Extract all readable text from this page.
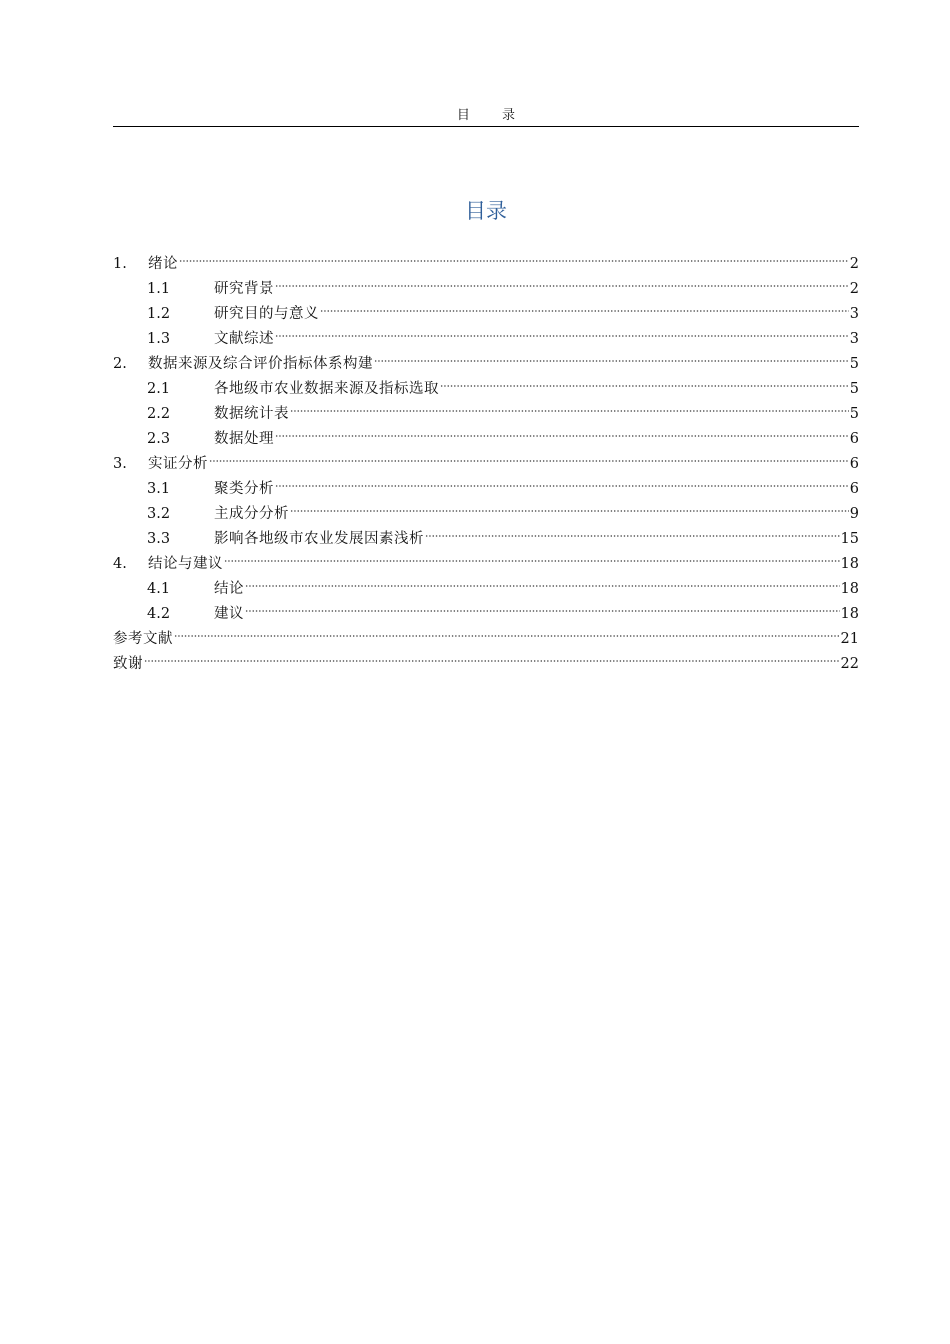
目 录
目录
1.	绪论	2
1.1	研究背景	2
1.2	研究目的与意义	3
1.3	文献综述	3
2.	数据来源及综合评价指标体系构建	5
2.1	各地级市农业数据来源及指标选取	5
2.2	数据统计表	5
2.3	数据处理	6
3.	实证分析	6
3.1	聚类分析	6
3.2	主成分分析	9
3.3	影响各地级市农业发展因素浅析	15
4.	结论与建议	18
4.1	结论	18
4.2	建议	18
参考文献	21
致谢	22
